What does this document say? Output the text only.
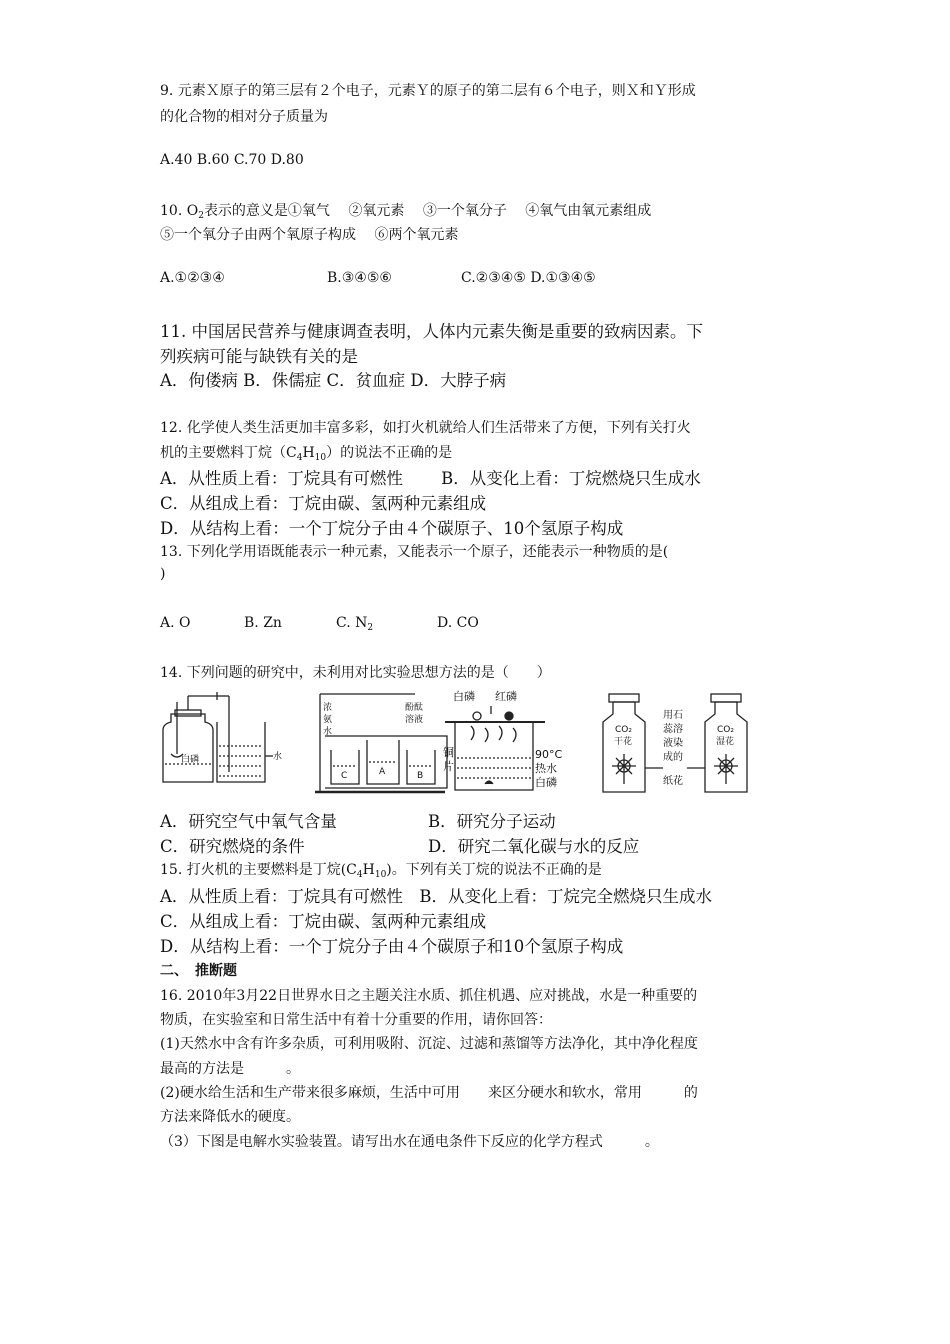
9. 元素Ｘ原子的第三层有２个电子，元素Ｙ的原子的第二层有６个电子，则Ｘ和Ｙ形成
的化合物的相对分子质量为
A.40 B.60 C.70 D.80
10. $O_2$表示的意义是①氧气 　②氧元素 　③一个氧分子 　④氧气由氧元素组成
⑤一个氧分子由两个氧原子构成 　⑥两个氧元素
A.①②③④	B.③④⑤⑥	C.②③④⑤ D.①③④⑤
11. 中国居民营养与健康调查表明，人体内元素失衡是重要的致病因素。下
列疾病可能与缺铁有关的是
A．佝偻病 B．侏儒症 C．贫血症 D．大脖子病
12. 化学使人类生活更加丰富多彩，如打火机就给人们生活带来了方便，下列有关打火
机的主要燃料丁烷$(C_4H_{10})$的说法不正确的是
A．从性质上看：丁烷具有可燃性 　　B．从变化上看：丁烷燃烧只生成水
C．从组成上看：丁烷由碳、氢两种元素组成
D．从结构上看：一个丁烷分子由４个碳原子、10个氢原子构成
13. 下列化学用语既能表示一种元素，又能表示一个原子，还能表示一种物质的是(
)
A. O	B. Zn	C. $N_2$	D. CO
14. 下列问题的研究中，未利用对比实验思想方法的是（　　）
白磷	水
浓
氨
水
酚酞
溶液
C	A	B
白磷 红磷
铜
片
90°C
热水
白磷
CO₂
干花
CO₂
湿花
用石
蕊溶
液染
成的
纸花
A．研究空气中氧气含量	B．研究分子运动
C．研究燃烧的条件	D．研究二氧化碳与水的反应
15. 打火机的主要燃料是丁烷$(C_4H_{10})$。下列有关丁烷的说法不正确的是
A．从性质上看：丁烷具有可燃性　B．从变化上看：丁烷完全燃烧只生成水
C．从组成上看：丁烷由碳、氢两种元素组成
D．从结构上看：一个丁烷分子由４个碳原子和10个氢原子构成
二、　推断题
16. 2010年3月22日世界水日之主题关注水质、抓住机遇、应对挑战，水是一种重要的
物质，在实验室和日常生活中有着十分重要的作用，请你回答：
(1)天然水中含有许多杂质，可利用吸附、沉淀、过滤和蒸馏等方法净化，其中净化程度
最高的方法是　　　。
(2)硬水给生活和生产带来很多麻烦，生活中可用　　来区分硬水和软水，常用　　　的
方法来降低水的硬度。
（3）下图是电解水实验装置。请写出水在通电条件下反应的化学方程式　　　。
